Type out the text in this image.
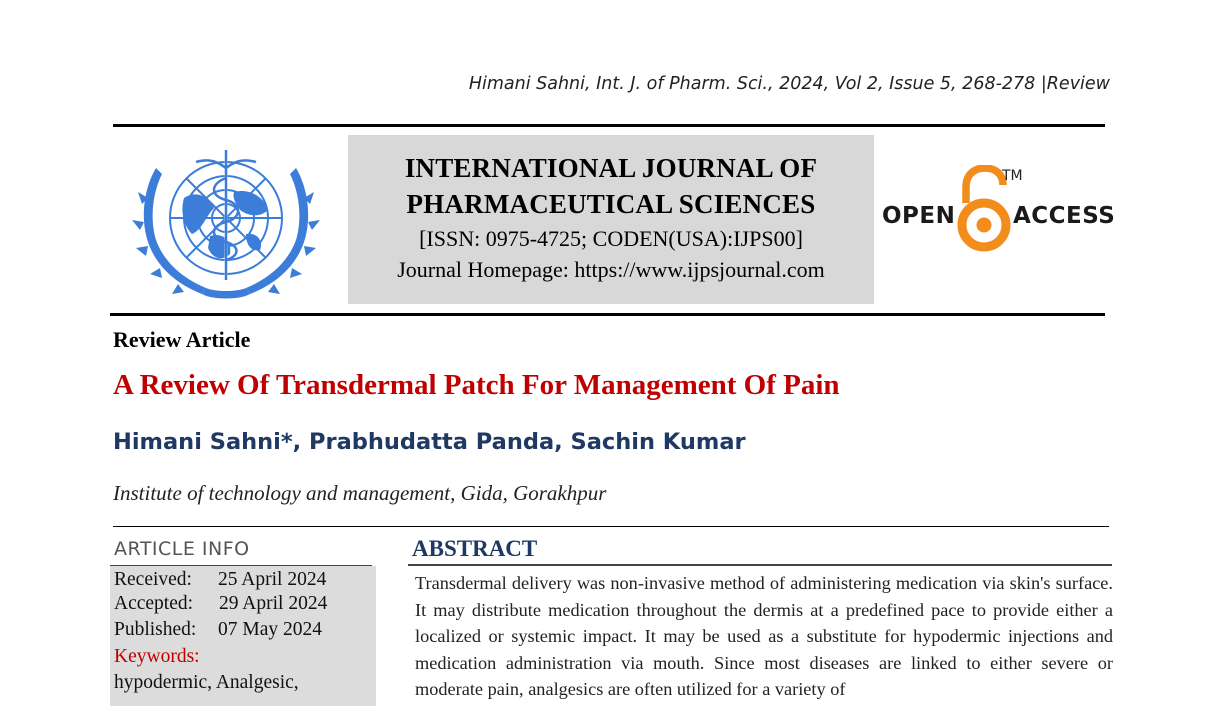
Himani Sahni, Int. J. of Pharm. Sci., 2024, Vol 2, Issue 5, 268-278 |Review
INTERNATIONAL JOURNAL OF
PHARMACEUTICAL SCIENCES
[ISSN: 0975-4725; CODEN(USA):IJPS00]
Journal Homepage: https://www.ijpsjournal.com
OPEN
TM
ACCESS
Review Article
A Review Of Transdermal Patch For Management Of Pain
Himani Sahni*, Prabhudatta Panda, Sachin Kumar
Institute of technology and management, Gida, Gorakhpur
ARTICLE INFO
Received: 25 April 2024
Accepted: 29 April 2024
Published: 07 May 2024
Keywords:
hypodermic, Analgesic,
ABSTRACT
Transdermal delivery was non-invasive method of administering medication via skin's surface. It may distribute medication throughout the dermis at a predefined pace to provide either a localized or systemic impact. It may be used as a substitute for hypodermic injections and medication administration via mouth. Since most diseases are linked to either severe or moderate pain, analgesics are often utilized for a variety of
